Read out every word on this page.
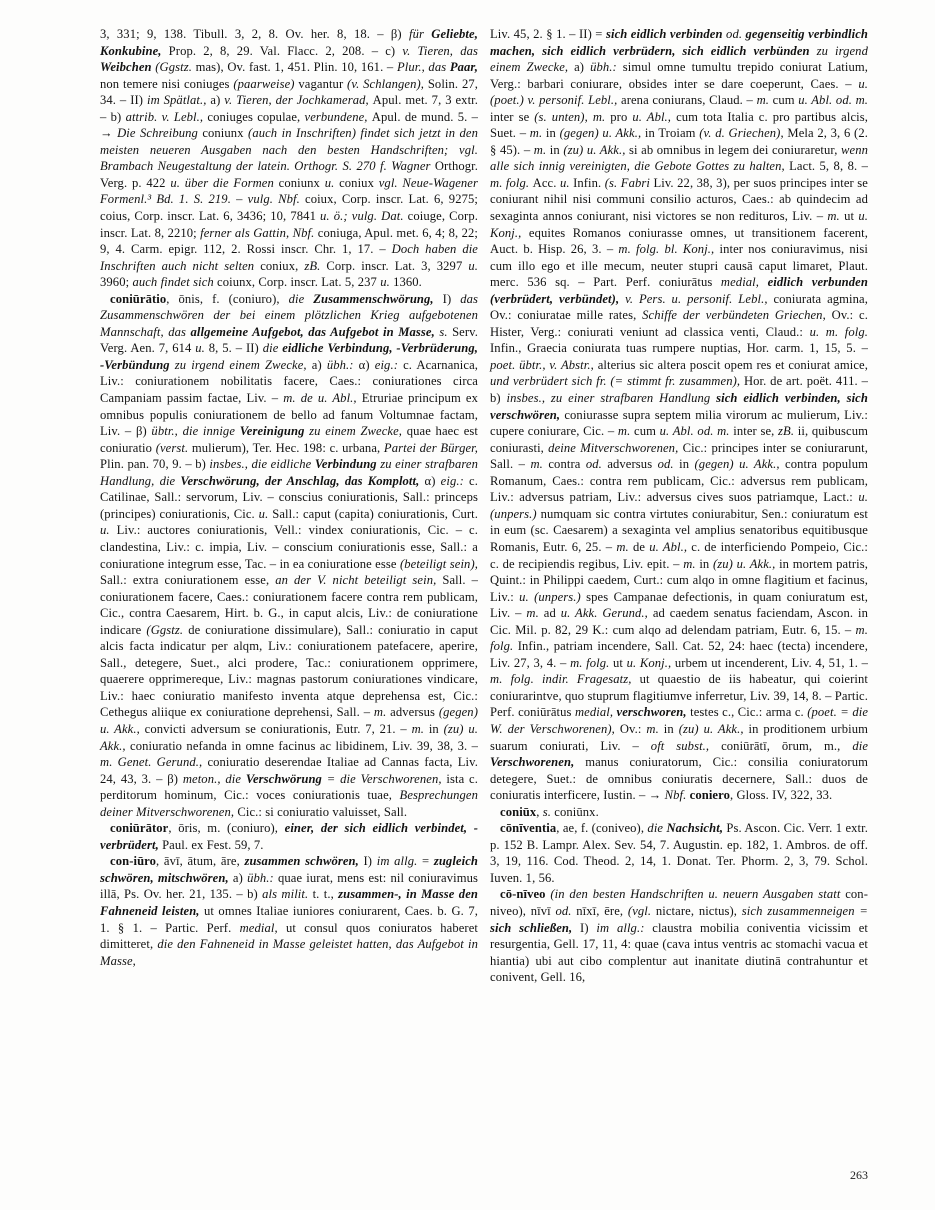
3, 331; 9, 138. Tibull. 3, 2, 8. Ov. her. 8, 18. – β) für Geliebte, Konkubine, Prop. 2, 8, 29. Val. Flacc. 2, 208. – c) v. Tieren, das Weibchen (Ggstz. mas), Ov. fast. 1, 451. Plin. 10, 161. – Plur., das Paar, non temere nisi coniuges (paarweise) vagantur (v. Schlangen), Solin. 27, 34. – II) im Spätlat., a) v. Tieren, der Jochkamerad, Apul. met. 7, 3 extr. – b) attrib. v. Lebl., coniuges copulae, verbundene, Apul. de mund. 5. – → Die Schreibung coniunx (auch in Inschriften) findet sich jetzt in den meisten neueren Ausgaben nach den besten Handschriften; vgl. Brambach Neugestaltung der latein. Orthogr. S. 270 f. Wagner Orthogr. Verg. p. 422 u. über die Formen coniunx u. coniux vgl. Neue-Wagener Formenl.³ Bd. 1. S. 219. – vulg. Nbf. coiux, Corp. inscr. Lat. 6, 9275; coius, Corp. inscr. Lat. 6, 3436; 10, 7841 u. ö.; vulg. Dat. coiuge, Corp. inscr. Lat. 8, 2210; ferner als Gattin, Nbf. coniuga, Apul. met. 6, 4; 8, 22; 9, 4. Carm. epigr. 112, 2. Rossi inscr. Chr. 1, 17. – Doch haben die Inschriften auch nicht selten coniux, zB. Corp. inscr. Lat. 3, 3297 u. 3960; auch findet sich coiunx, Corp. inscr. Lat. 5, 237 u. 1360.

coniūrātio, ōnis, f. (coniuro), die Zusammenschwörung, I) das Zusammenschwören der bei einem plötzlichen Krieg aufgebotenen Mannschaft, das allgemeine Aufgebot, das Aufgebot in Masse, s. Serv. Verg. Aen. 7, 614 u. 8, 5. – II) die eidliche Verbindung, -Verbrüderung, -Verbündung zu irgend einem Zwecke, a) übh.: α) eig.: c. Acarnanica, Liv.: coniurationem nobilitatis facere, Caes.: coniurationes circa Campaniam passim factae, Liv. – m. de u. Abl., Etruriae principum ex omnibus populis coniurationem de bello ad fanum Voltumnae factam, Liv. – β) übtr., die innige Vereinigung zu einem Zwecke, quae haec est coniuratio (verst. mulierum), Ter. Hec. 198: c. urbana, Partei der Bürger, Plin. pan. 70, 9. – b) insbes., die eidliche Verbindung zu einer strafbaren Handlung, die Verschwörung, der Anschlag, das Komplott, α) eig.: c. Catilinae, Sall.: servorum, Liv. – conscius coniurationis, Sall.: princeps (principes) coniurationis, Cic. u. Sall.: caput (capita) coniurationis, Curt. u. Liv.: auctores coniurationis, Vell.: vindex coniurationis, Cic. – c. clandestina, Liv.: c. impia, Liv. – conscium coniurationis esse, Sall.: a coniuratione integrum esse, Tac. – in ea coniuratione esse (beteiligt sein), Sall.: extra coniurationem esse, an der V. nicht beteiligt sein, Sall. – coniurationem facere, Caes.: coniurationem facere contra rem publicam, Cic., contra Caesarem, Hirt. b. G., in caput alcis, Liv.: de coniuratione indicare (Ggstz. de coniuratione dissimulare), Sall.: coniuratio in caput alcis facta indicatur per alqm, Liv.: coniurationem patefacere, aperire, Sall., detegere, Suet., alci prodere, Tac.: coniurationem opprimere, quaerere opprimereque, Liv.: magnas pastorum coniurationes vindicare, Liv.: haec coniuratio manifesto inventa atque deprehensa est, Cic.: Cethegus aliique ex coniuratione deprehensi, Sall. – m. adversus (gegen) u. Akk., convicti adversum se coniurationis, Eutr. 7, 21. – m. in (zu) u. Akk., coniuratio nefanda in omne facinus ac libidinem, Liv. 39, 38, 3. – m. Genet. Gerund., coniuratio deserendae Italiae ad Cannas facta, Liv. 24, 43, 3. – β) meton., die Verschwörung = die Verschworenen, ista c. perditorum hominum, Cic.: voces coniurationis tuae, Besprechungen deiner Mitverschworenen, Cic.: si coniuratio valuisset, Sall.

coniūrātor, ōris, m. (coniuro), einer, der sich eidlich verbindet, -verbrüdert, Paul. ex Fest. 59, 7.

con-iūro, āvī, ātum, āre, zusammen schwören, I) im allg. = zugleich schwören, mitschwören, a) übh.: quae iurat, mens est: nil coniuravimus illā, Ps. Ov. her. 21, 135. – b) als milit. t. t., zusammen-, in Masse den Fahneneid leisten, ut omnes Italiae iuniores coniurarent, Caes. b. G. 7, 1. § 1. – Partic. Perf. medial, ut consul quos coniuratos haberet dimitteret, die den Fahneneid in Masse geleistet hatten, das Aufgebot in Masse,

Liv. 45, 2. § 1. – II) = sich eidlich verbinden od. gegenseitig verbindlich machen, sich eidlich verbrüdern, sich eidlich verbünden zu irgend einem Zwecke, a) übh.: simul omne tumultu trepido coniurat Latium, Verg.: barbari coniurare, obsides inter se dare coeperunt, Caes. – u. (poet.) v. personif. Lebl., arena coniurans, Claud. – m. cum u. Abl. od. m. inter se (s. unten), m. pro u. Abl., cum tota Italia c. pro partibus alcis, Suet. – m. in (gegen) u. Akk., in Troiam (v. d. Griechen), Mela 2, 3, 6 (2. § 45). – m. in (zu) u. Akk., si ab omnibus in legem dei coniuraretur, wenn alle sich innig vereinigten, die Gebote Gottes zu halten, Lact. 5, 8, 8. – m. folg. Acc. u. Infin. (s. Fabri Liv. 22, 38, 3), per suos principes inter se coniurant nihil nisi communi consilio acturos, Caes.: ab quindecim ad sexaginta annos coniurant, nisi victores se non redituros, Liv. – m. ut u. Konj., equites Romanos coniurasse omnes, ut transitionem facerent, Auct. b. Hisp. 26, 3. – m. folg. bl. Konj., inter nos coniuravimus, nisi cum illo ego et ille mecum, neuter stupri causā caput limaret, Plaut. merc. 536 sq. – Part. Perf. coniurātus medial, eidlich verbunden (verbrüdert, verbündet), v. Pers. u. personif. Lebl., coniurata agmina, Ov.: coniuratae mille rates, Schiffe der verbündeten Griechen, Ov.: c. Hister, Verg.: coniurati veniunt ad classica venti, Claud.: u. m. folg. Infin., Graecia coniurata tuas rumpere nuptias, Hor. carm. 1, 15, 5. – poet. übtr., v. Abstr., alterius sic altera poscit opem res et coniurat amice, und verbrüdert sich fr. (= stimmt fr. zusammen), Hor. de art. poët. 411. – b) insbes., zu einer strafbaren Handlung sich eidlich verbinden, sich verschwören, coniurasse supra septem milia virorum ac mulierum, Liv.: cupere coniurare, Cic. – m. cum u. Abl. od. m. inter se, zB. ii, quibuscum coniurasti, deine Mitverschworenen, Cic.: principes inter se coniurarunt, Sall. – m. contra od. adversus od. in (gegen) u. Akk., contra populum Romanum, Caes.: contra rem publicam, Cic.: adversus rem publicam, Liv.: adversus patriam, Liv.: adversus cives suos patriamque, Lact.: u. (unpers.) numquam sic contra virtutes coniurabitur, Sen.: coniuratum est in eum (sc. Caesarem) a sexaginta vel amplius senatoribus equitibusque Romanis, Eutr. 6, 25. – m. de u. Abl., c. de interficiendo Pompeio, Cic.: c. de recipiendis regibus, Liv. epit. – m. in (zu) u. Akk., in mortem patris, Quint.: in Philippi caedem, Curt.: cum alqo in omne flagitium et facinus, Liv.: u. (unpers.) spes Campanae defectionis, in quam coniuratum est, Liv. – m. ad u. Akk. Gerund., ad caedem senatus faciendam, Ascon. in Cic. Mil. p. 82, 29 K.: cum alqo ad delendam patriam, Eutr. 6, 15. – m. folg. Infin., patriam incendere, Sall. Cat. 52, 24: haec (tecta) incendere, Liv. 27, 3, 4. – m. folg. ut u. Konj., urbem ut incenderent, Liv. 4, 51, 1. – m. folg. indir. Fragesatz, ut quaestio de iis habeatur, qui coierint coniurarintve, quo stuprum flagitiumve inferretur, Liv. 39, 14, 8. – Partic. Perf. coniūrātus medial, verschworen, testes c., Cic.: arma c. (poet. = die W. der Verschworenen), Ov.: m. in (zu) u. Akk., in proditionem urbium suarum coniurati, Liv. – oft subst., coniūrātī, ōrum, m., die Verschworenen, manus coniuratorum, Cic.: consilia coniuratorum detegere, Suet.: de omnibus coniuratis decernere, Sall.: duos de coniuratis interficere, Iustin. – → Nbf. coniero, Gloss. IV, 322, 33.

coniūx, s. coniūnx.

cōnīventia, ae, f. (coniveo), die Nachsicht, Ps. Ascon. Cic. Verr. 1 extr. p. 152 B. Lampr. Alex. Sev. 54, 7. Augustin. ep. 182, 1. Ambros. de off. 3, 19, 116. Cod. Theod. 2, 14, 1. Donat. Ter. Phorm. 2, 3, 79. Schol. Iuven. 1, 56.

cō-nīveo (in den besten Handschriften u. neuern Ausgaben statt con-niveo), nīvī od. nīxī, ēre, (vgl. nictare, nictus), sich zusammenneigen = sich schließen, I) im allg.: claustra mobilia coniventia vicissim et resurgentia, Gell. 17, 11, 4: quae (cava intus ventris ac stomachi vacua et hiantia) ubi aut cibo complentur aut inanitate diutinā contrahuntur et conivent, Gell. 16,

263
